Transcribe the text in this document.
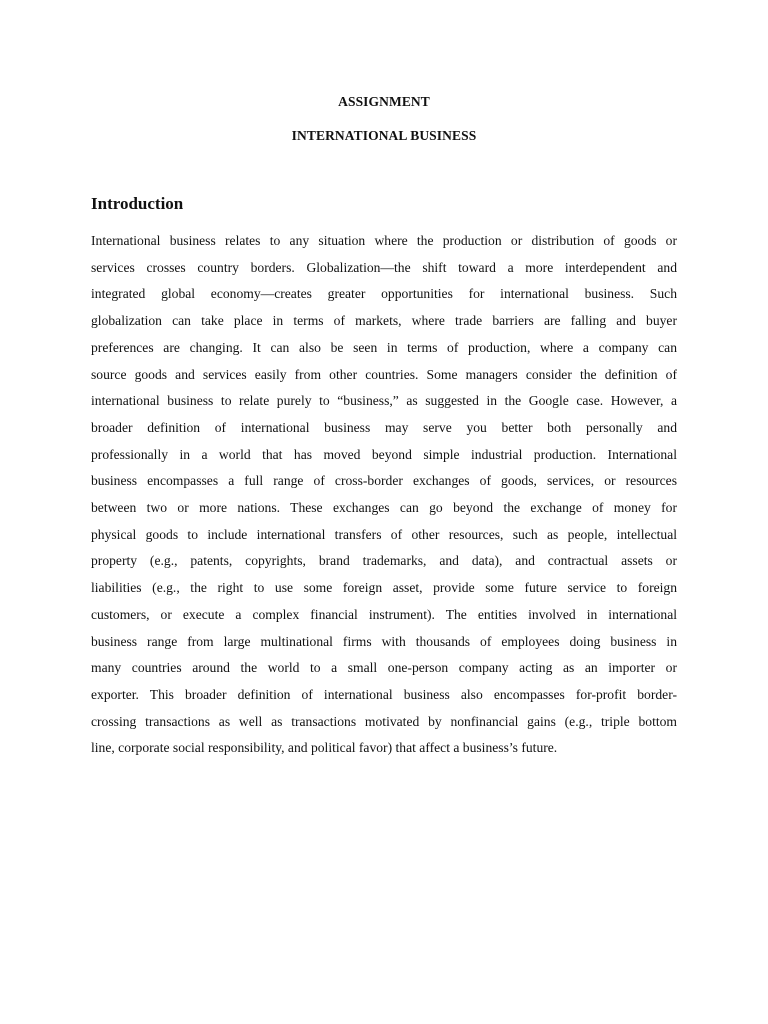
ASSIGNMENT
INTERNATIONAL BUSINESS
Introduction
International business relates to any situation where the production or distribution of goods or
services crosses country borders. Globalization—the shift toward a more interdependent and
integrated global economy—creates greater opportunities for international business. Such
globalization can take place in terms of markets, where trade barriers are falling and buyer
preferences are changing. It can also be seen in terms of production, where a company can
source goods and services easily from other countries. Some managers consider the definition of
international business to relate purely to “business,” as suggested in the Google case. However, a
broader definition of international business may serve you better both personally and
professionally in a world that has moved beyond simple industrial production. International
business encompasses a full range of cross-border exchanges of goods, services, or resources
between two or more nations. These exchanges can go beyond the exchange of money for
physical goods to include international transfers of other resources, such as people, intellectual
property (e.g., patents, copyrights, brand trademarks, and data), and contractual assets or
liabilities (e.g., the right to use some foreign asset, provide some future service to foreign
customers, or execute a complex financial instrument). The entities involved in international
business range from large multinational firms with thousands of employees doing business in
many countries around the world to a small one-person company acting as an importer or
exporter. This broader definition of international business also encompasses for-profit border-
crossing transactions as well as transactions motivated by nonfinancial gains (e.g., triple bottom
line, corporate social responsibility, and political favor) that affect a business’s future.
